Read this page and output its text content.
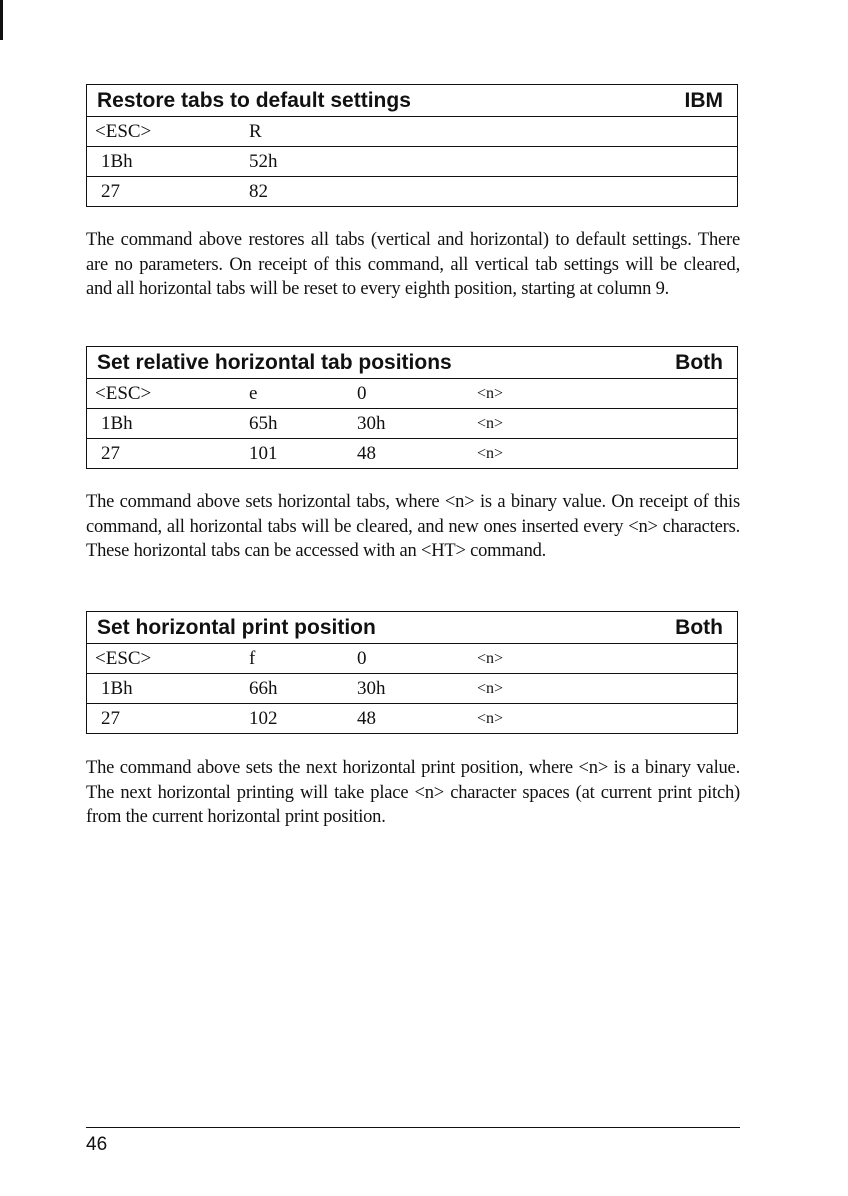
Restore tabs to default settings	IBM
<ESC>	R
1Bh	52h
27	82

The command above restores all tabs (vertical and horizontal) to default settings. There are no parameters. On receipt of this command, all vertical tab settings will be cleared, and all horizontal tabs will be reset to every eighth position, starting at column 9.

Set relative horizontal tab positions	Both
<ESC>	e	0	<n>
1Bh	65h	30h	<n>
27	101	48	<n>

The command above sets horizontal tabs, where <n> is a binary value. On receipt of this command, all horizontal tabs will be cleared, and new ones inserted every <n> characters. These horizontal tabs can be accessed with an <HT> command.

Set horizontal print position	Both
<ESC>	f	0	<n>
1Bh	66h	30h	<n>
27	102	48	<n>

The command above sets the next horizontal print position, where <n> is a binary value. The next horizontal printing will take place <n> character spaces (at current print pitch) from the current horizontal print position.

46
